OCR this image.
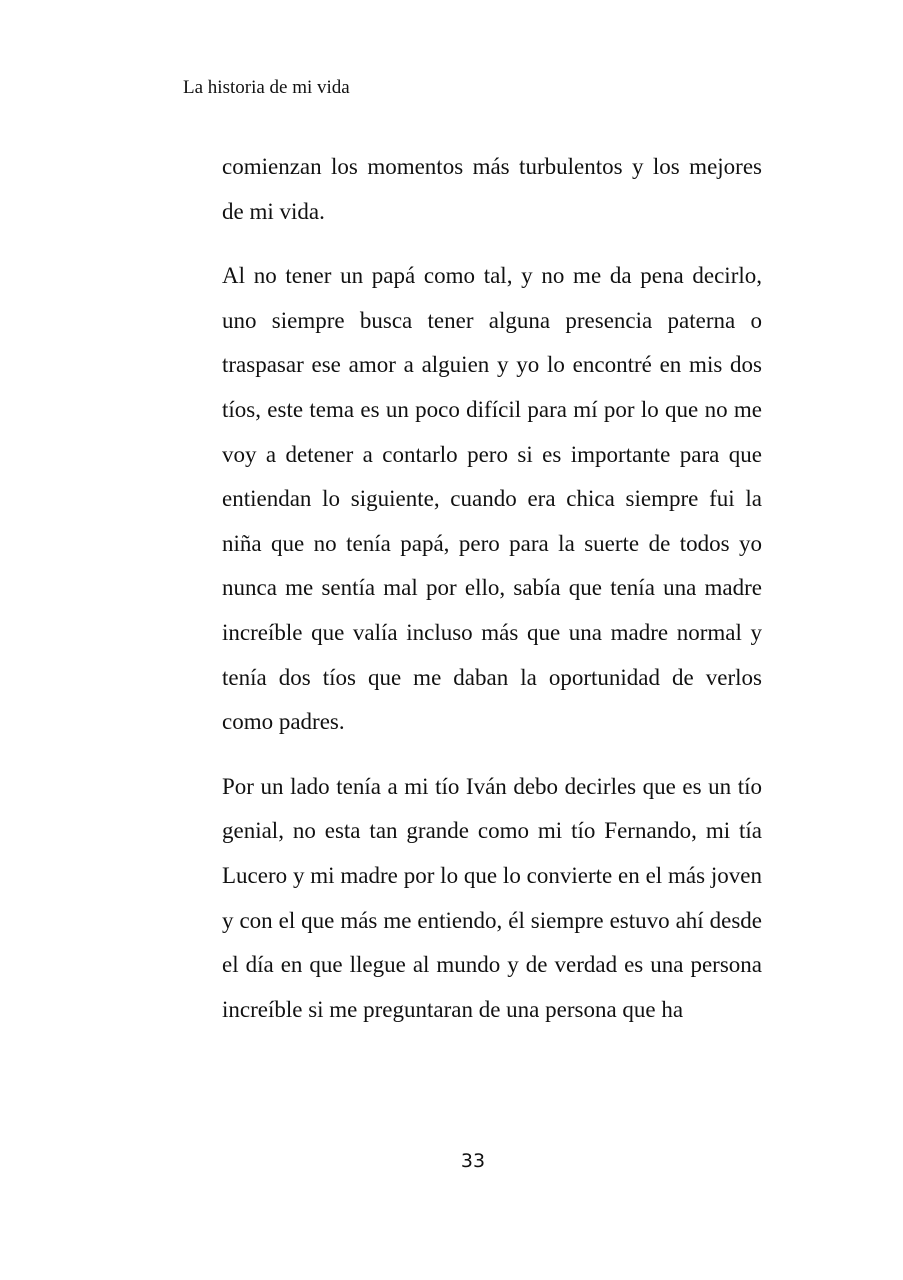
La historia de mi vida

comienzan los momentos más turbulentos y los mejores de mi vida.

Al no tener un papá como tal, y no me da pena decirlo, uno siempre busca tener alguna presencia paterna o traspasar ese amor a alguien y yo lo encontré en mis dos tíos, este tema es un poco difícil para mí por lo que no me voy a detener a contarlo pero si es importante para que entiendan lo siguiente, cuando era chica siempre fui la niña que no tenía papá, pero para la suerte de todos yo nunca me sentía mal por ello, sabía que tenía una madre increíble que valía incluso más que una madre normal y tenía dos tíos que me daban la oportunidad de verlos como padres.

Por un lado tenía a mi tío Iván debo decirles que es un tío genial, no esta tan grande como mi tío Fernando, mi tía Lucero y mi madre por lo que lo convierte en el más joven y con el que más me entiendo, él siempre estuvo ahí desde el día en que llegue al mundo y de verdad es una persona increíble si me preguntaran de una persona que ha

33
